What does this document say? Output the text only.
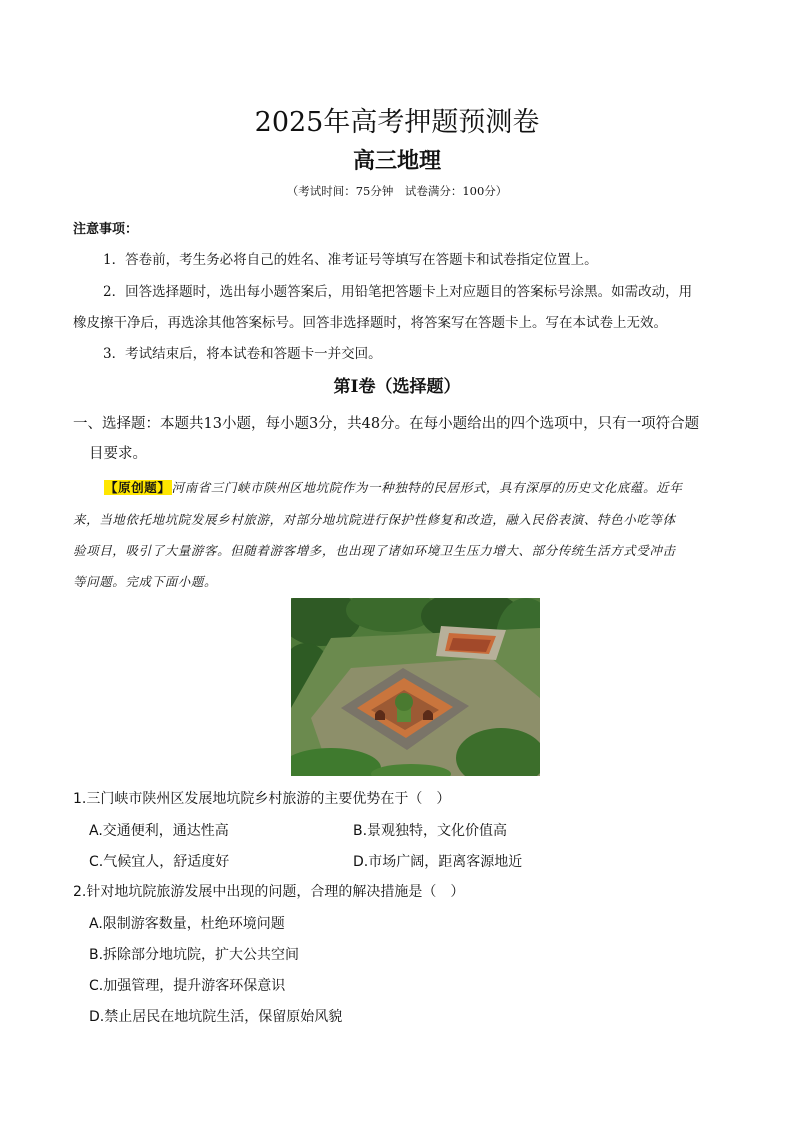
2025年高考押题预测卷
高三地理
（考试时间：75分钟　试卷满分：100分）
注意事项：
1．答卷前，考生务必将自己的姓名、准考证号等填写在答题卡和试卷指定位置上。
2．回答选择题时，选出每小题答案后，用铅笔把答题卡上对应题目的答案标号涂黑。如需改动，用
橡皮擦干净后，再选涂其他答案标号。回答非选择题时，将答案写在答题卡上。写在本试卷上无效。
3．考试结束后，将本试卷和答题卡一并交回。
第Ⅰ卷（选择题）
一、选择题：本题共13小题，每小题3分，共48分。在每小题给出的四个选项中，只有一项符合题
目要求。
【原创题】河南省三门峡市陕州区地坑院作为一种独特的民居形式，具有深厚的历史文化底蕴。近年
来，当地依托地坑院发展乡村旅游，对部分地坑院进行保护性修复和改造，融入民俗表演、特色小吃等体
验项目，吸引了大量游客。但随着游客增多，也出现了诸如环境卫生压力增大、部分传统生活方式受冲击
等问题。完成下面小题。
1.三门峡市陕州区发展地坑院乡村旅游的主要优势在于（　）
A.交通便利，通达性高	B.景观独特，文化价值高
C.气候宜人，舒适度好	D.市场广阔，距离客源地近
2.针对地坑院旅游发展中出现的问题，合理的解决措施是（　）
A.限制游客数量，杜绝环境问题
B.拆除部分地坑院，扩大公共空间
C.加强管理，提升游客环保意识
D.禁止居民在地坑院生活，保留原始风貌
